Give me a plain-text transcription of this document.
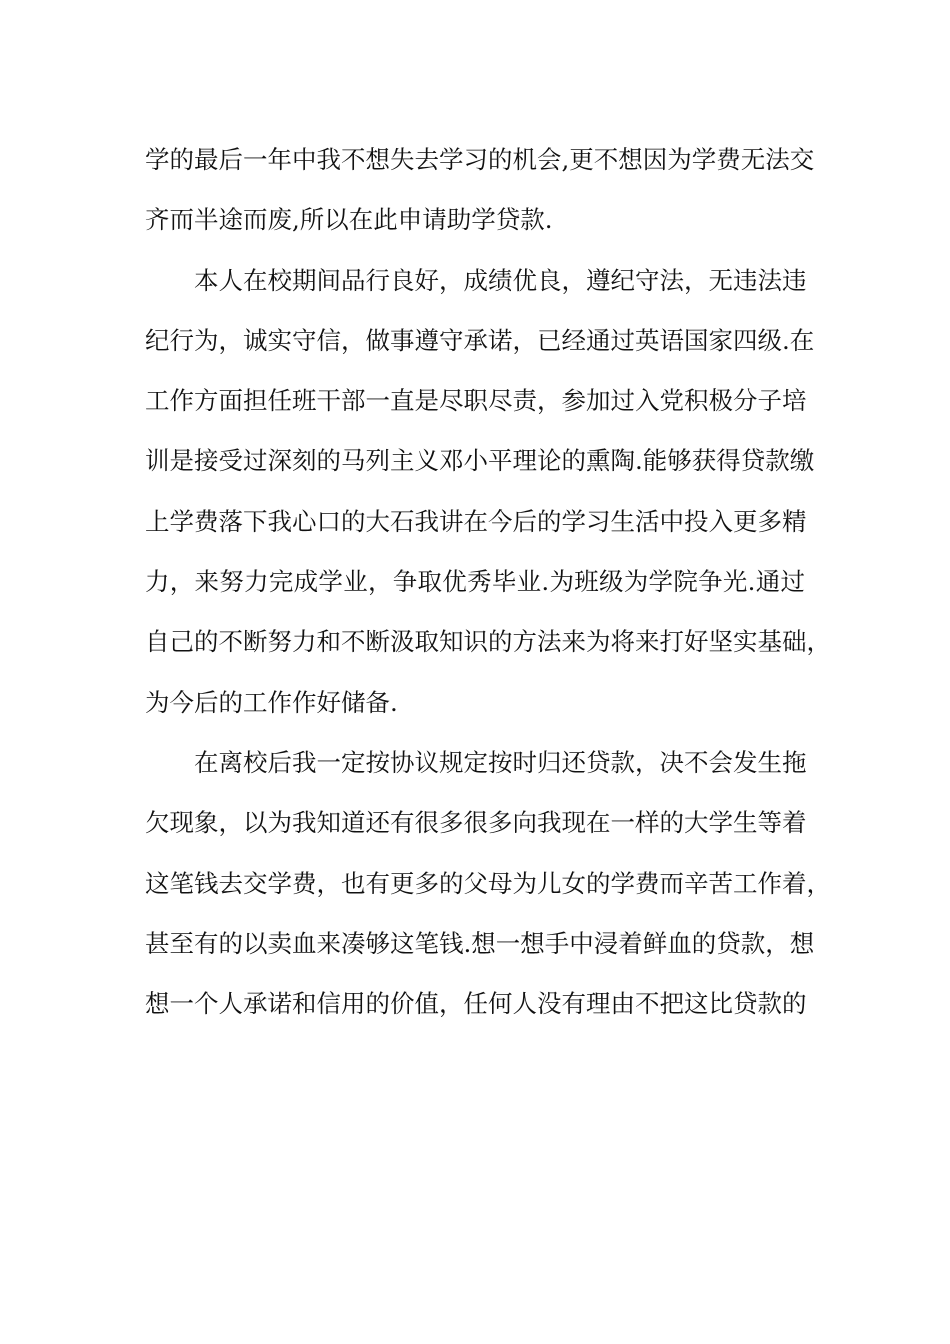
学的最后一年中我不想失去学习的机会,更不想因为学费无法交
齐而半途而废,所以在此申请助学贷款.
本人在校期间品行良好，成绩优良，遵纪守法，无违法违
纪行为，诚实守信，做事遵守承诺，已经通过英语国家四级.在
工作方面担任班干部一直是尽职尽责，参加过入党积极分子培
训是接受过深刻的马列主义邓小平理论的熏陶.能够获得贷款缴
上学费落下我心口的大石我讲在今后的学习生活中投入更多精
力，来努力完成学业，争取优秀毕业.为班级为学院争光.通过
自己的不断努力和不断汲取知识的方法来为将来打好坚实基础，
为今后的工作作好储备.
在离校后我一定按协议规定按时归还贷款，决不会发生拖
欠现象，以为我知道还有很多很多向我现在一样的大学生等着
这笔钱去交学费，也有更多的父母为儿女的学费而辛苦工作着，
甚至有的以卖血来凑够这笔钱.想一想手中浸着鲜血的贷款，想
想一个人承诺和信用的价值，任何人没有理由不把这比贷款的
